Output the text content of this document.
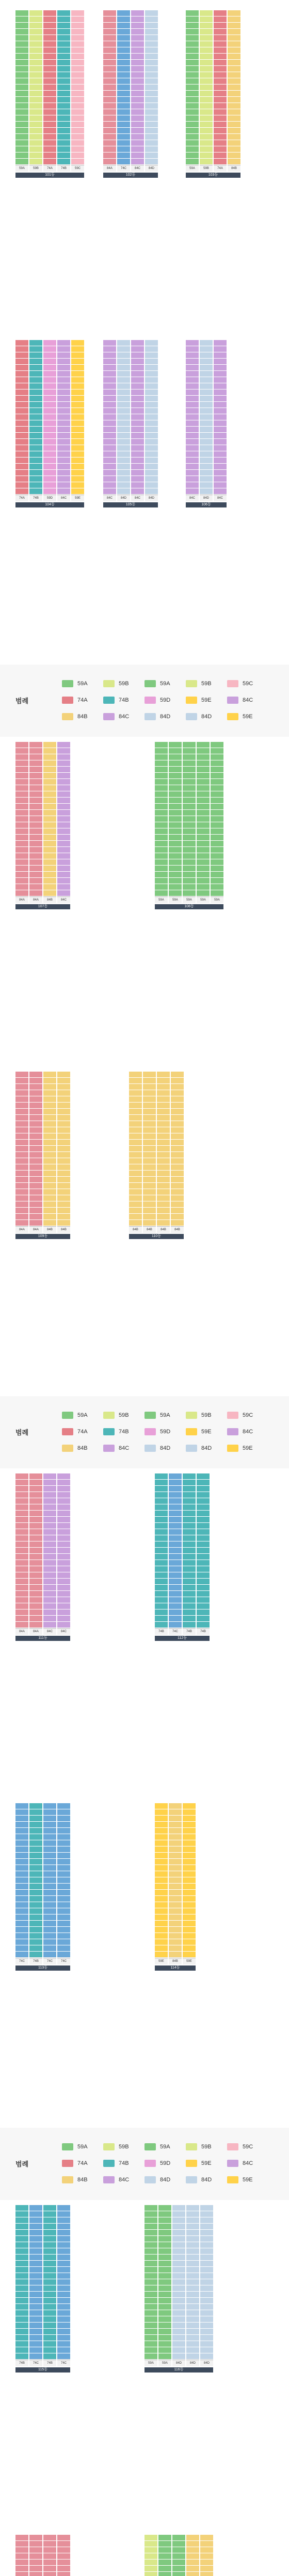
59A	59B	74A	74B	59C
101동
84A	74C	84C	84D
102동
59A	59B	74A	84B
103동
74A	74B	59D	84C	59E
104동
84C	84D	84C	84D
105동
84C	84D	84C
106동
범례
59A	59B	59A	59B	59C
74A	74B	59D	59E	84C
84B	84C	84D	84D	59E
84A	84A	84B	84C
107동
59A	59A	59A	59A	59A
108동
84A	84A	84B	84B
109동
84B	84B	84B	84B
110동
범례
59A	59B	59A	59B	59C
74A	74B	59D	59E	84C
84B	84C	84D	84D	59E
84A	84A	84C	84C
111동
74B	74C	74B	74B
112동
74C	74B	74C	74C
113동
59E	84B	59E
114동
범례
59A	59B	59A	59B	59C
74A	74B	59D	59E	84C
84B	84C	84D	84D	59E
74B	74C	74B	74C
115동
59A	59A	84D	84D	84D
116동
